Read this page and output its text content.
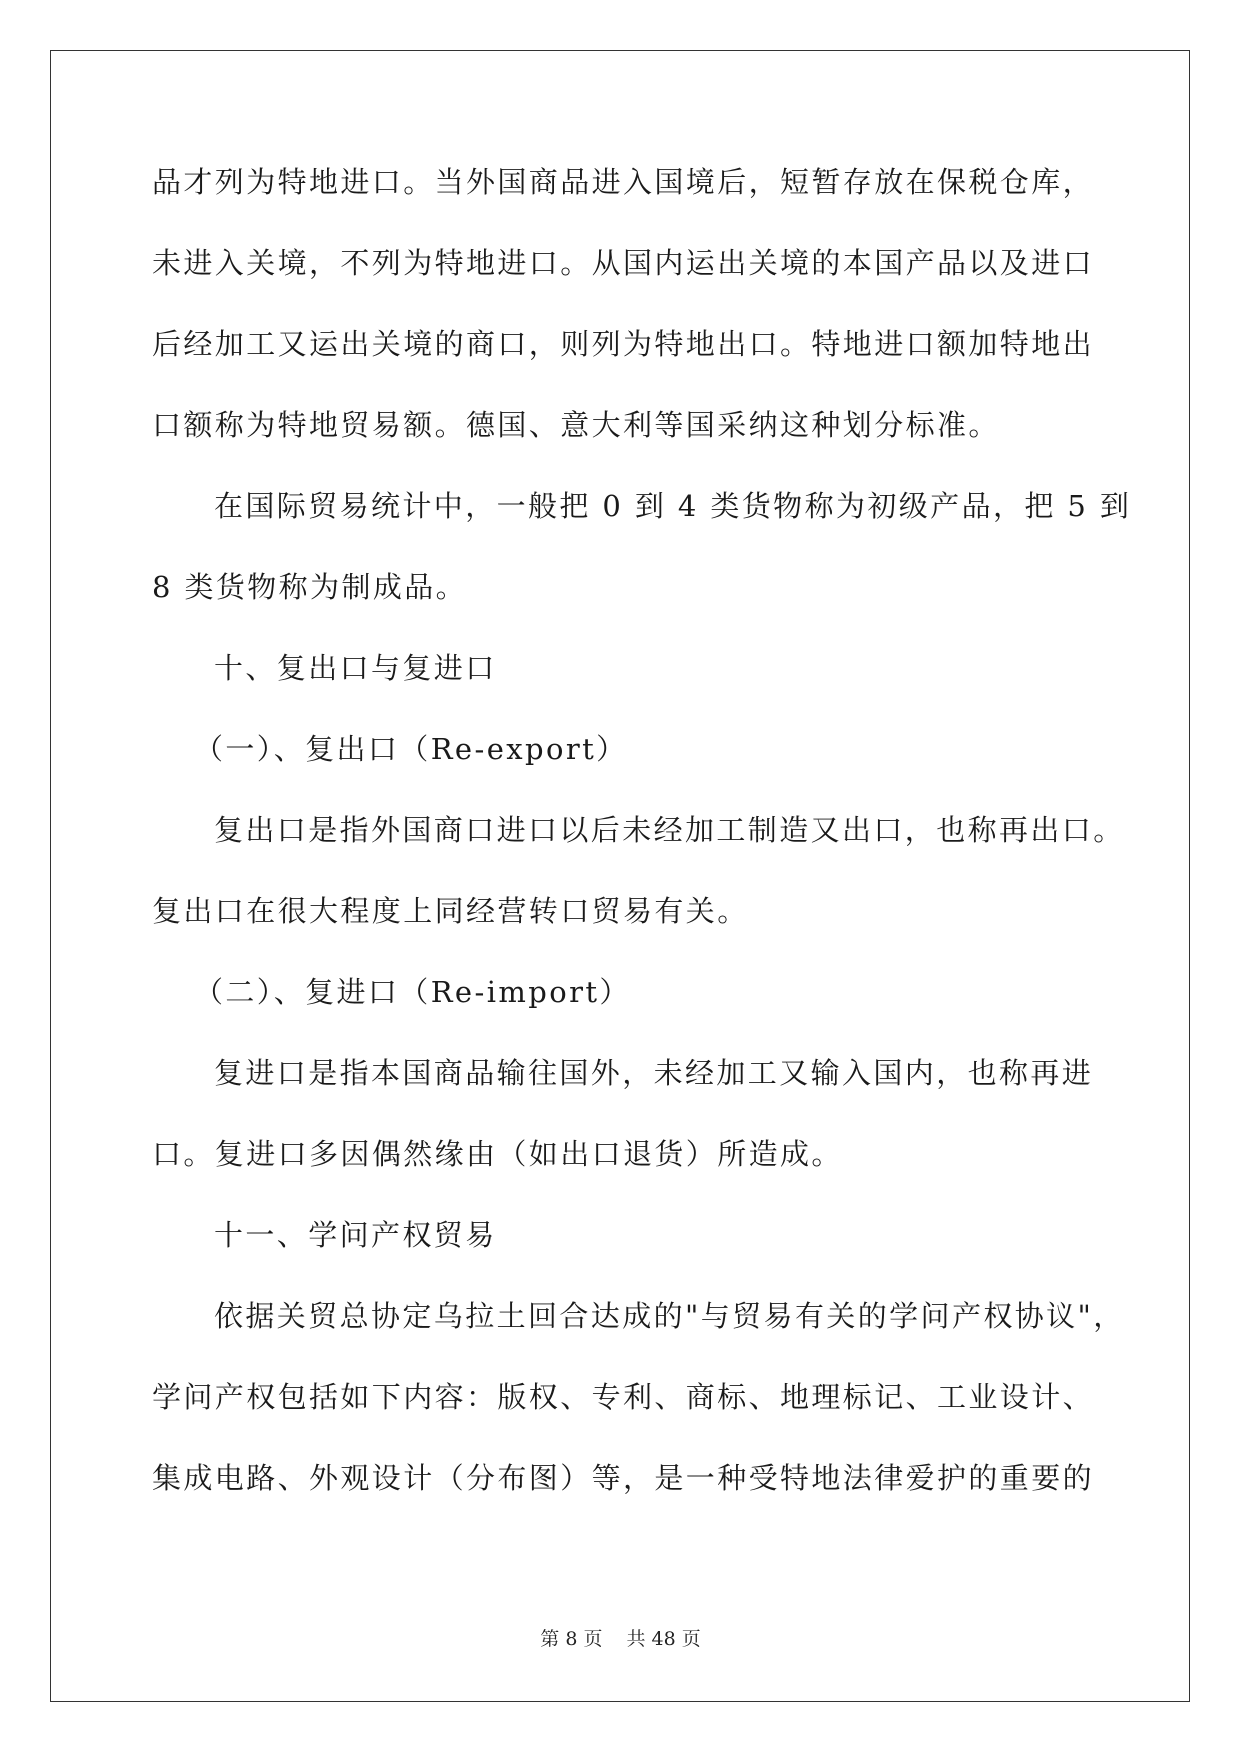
品才列为特地进口。当外国商品进入国境后，短暂存放在保税仓库，
未进入关境，不列为特地进口。从国内运出关境的本国产品以及进口
后经加工又运出关境的商口，则列为特地出口。特地进口额加特地出
口额称为特地贸易额。德国、意大利等国采纳这种划分标准。
在国际贸易统计中，一般把 0 到 4 类货物称为初级产品，把 5 到
8 类货物称为制成品。
十、复出口与复进口
（一）、复出口（Re-export）
复出口是指外国商口进口以后未经加工制造又出口，也称再出口。
复出口在很大程度上同经营转口贸易有关。
（二）、复进口（Re-import）
复进口是指本国商品输往国外，未经加工又输入国内，也称再进
口。复进口多因偶然缘由（如出口退货）所造成。
十一、学问产权贸易
依据关贸总协定乌拉土回合达成的"与贸易有关的学问产权协议"，
学问产权包括如下内容：版权、专利、商标、地理标记、工业设计、
集成电路、外观设计（分布图）等，是一种受特地法律爱护的重要的
第 8 页 共 48 页
